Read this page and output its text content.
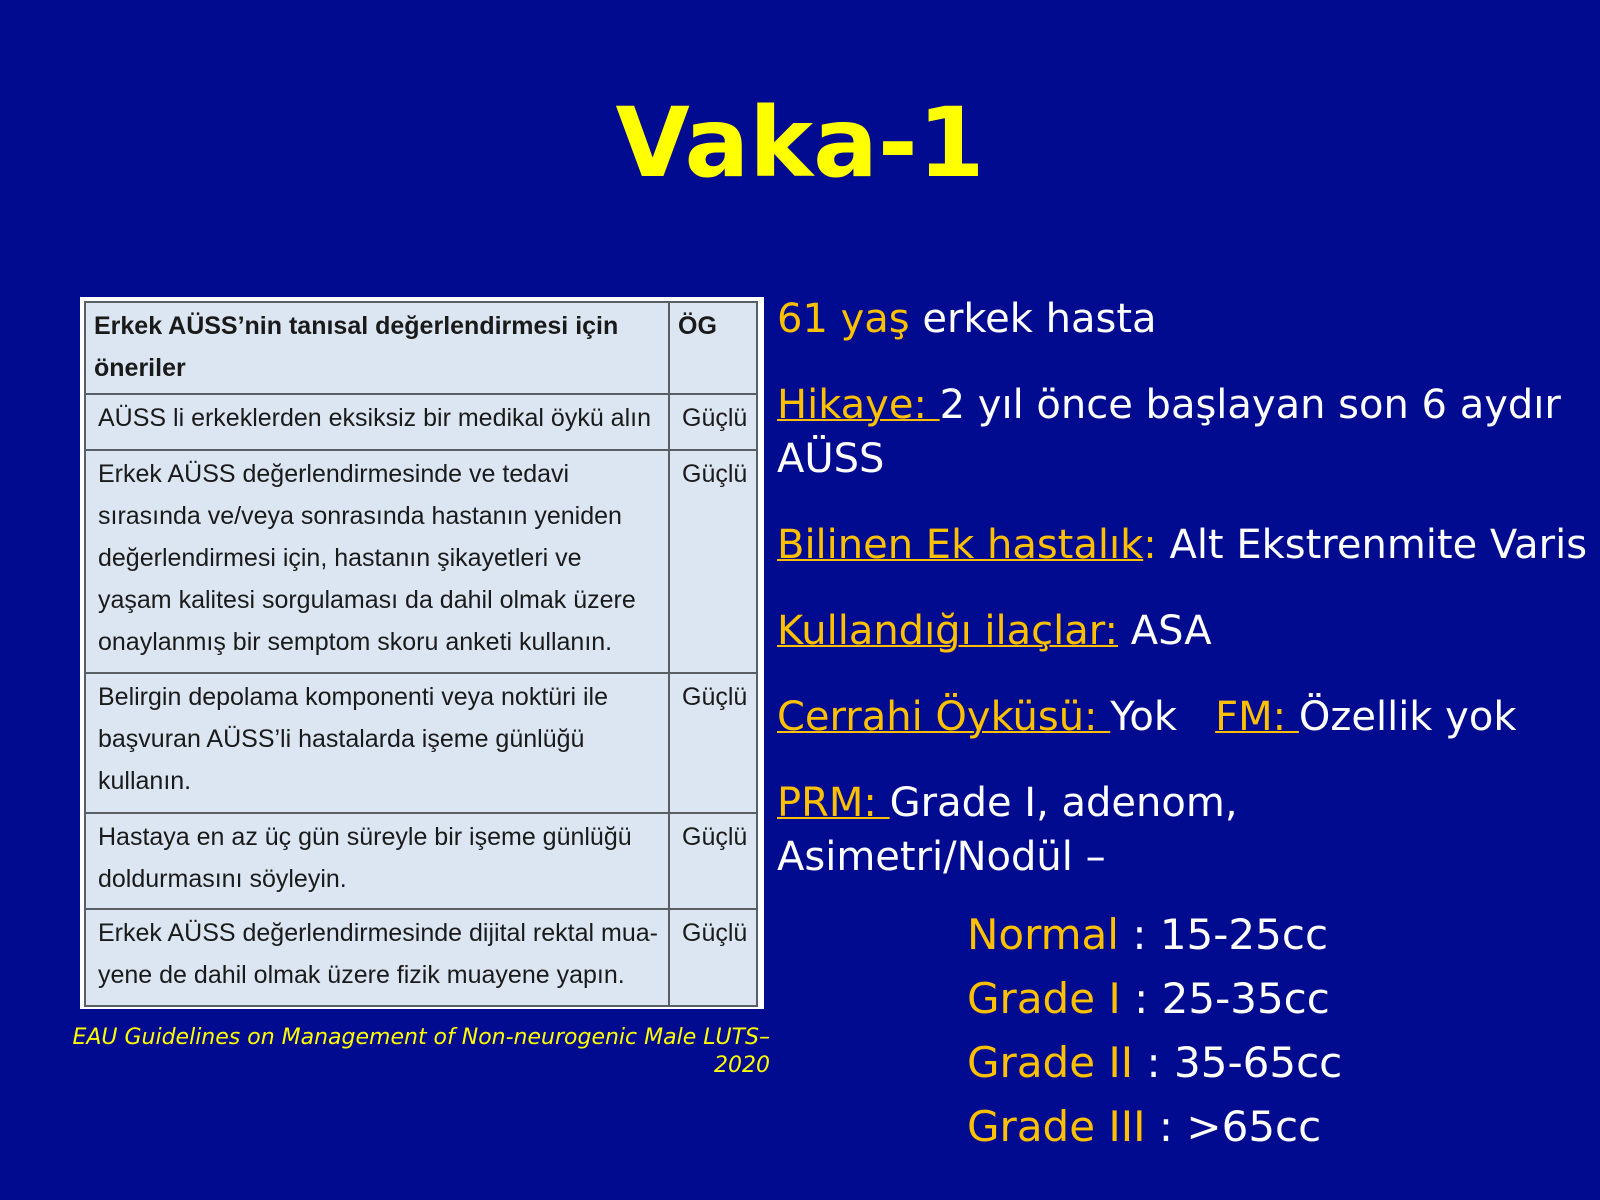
Vaka-1
Erkek AÜSS’nin tanısal değerlendirmesi için öneriler	ÖG
AÜSS li erkeklerden eksiksiz bir medikal öykü alın	Güçlü
Erkek AÜSS değerlendirmesinde ve tedavi sırasında ve/veya sonrasında hastanın yeniden değerlendirmesi için, hastanın şikayetleri ve yaşam kalitesi sorgulaması da dahil olmak üzere onaylanmış bir semptom skoru anketi kullanın.	Güçlü
Belirgin depolama komponenti veya noktüri ile başvuran AÜSS’li hastalarda işeme günlüğü kullanın.	Güçlü
Hastaya en az üç gün süreyle bir işeme günlüğü doldurmasını söyleyin.	Güçlü
Erkek AÜSS değerlendirmesinde dijital rektal mua-yene de dahil olmak üzere fizik muayene yapın.	Güçlü
EAU Guidelines on Management of Non-neurogenic Male LUTS– 2020

61 yaş erkek hasta

Hikaye: 2 yıl önce başlayan son 6 aydır AÜSS

Bilinen Ek hastalık: Alt Ekstrenmite Varis

Kullandığı ilaçlar: ASA

Cerrahi Öyküsü: Yok   FM: Özellik yok

PRM: Grade I, adenom, Asimetri/Nodül –

Normal : 15-25cc
Grade I : 25-35cc
Grade II : 35-65cc
Grade III : >65cc
